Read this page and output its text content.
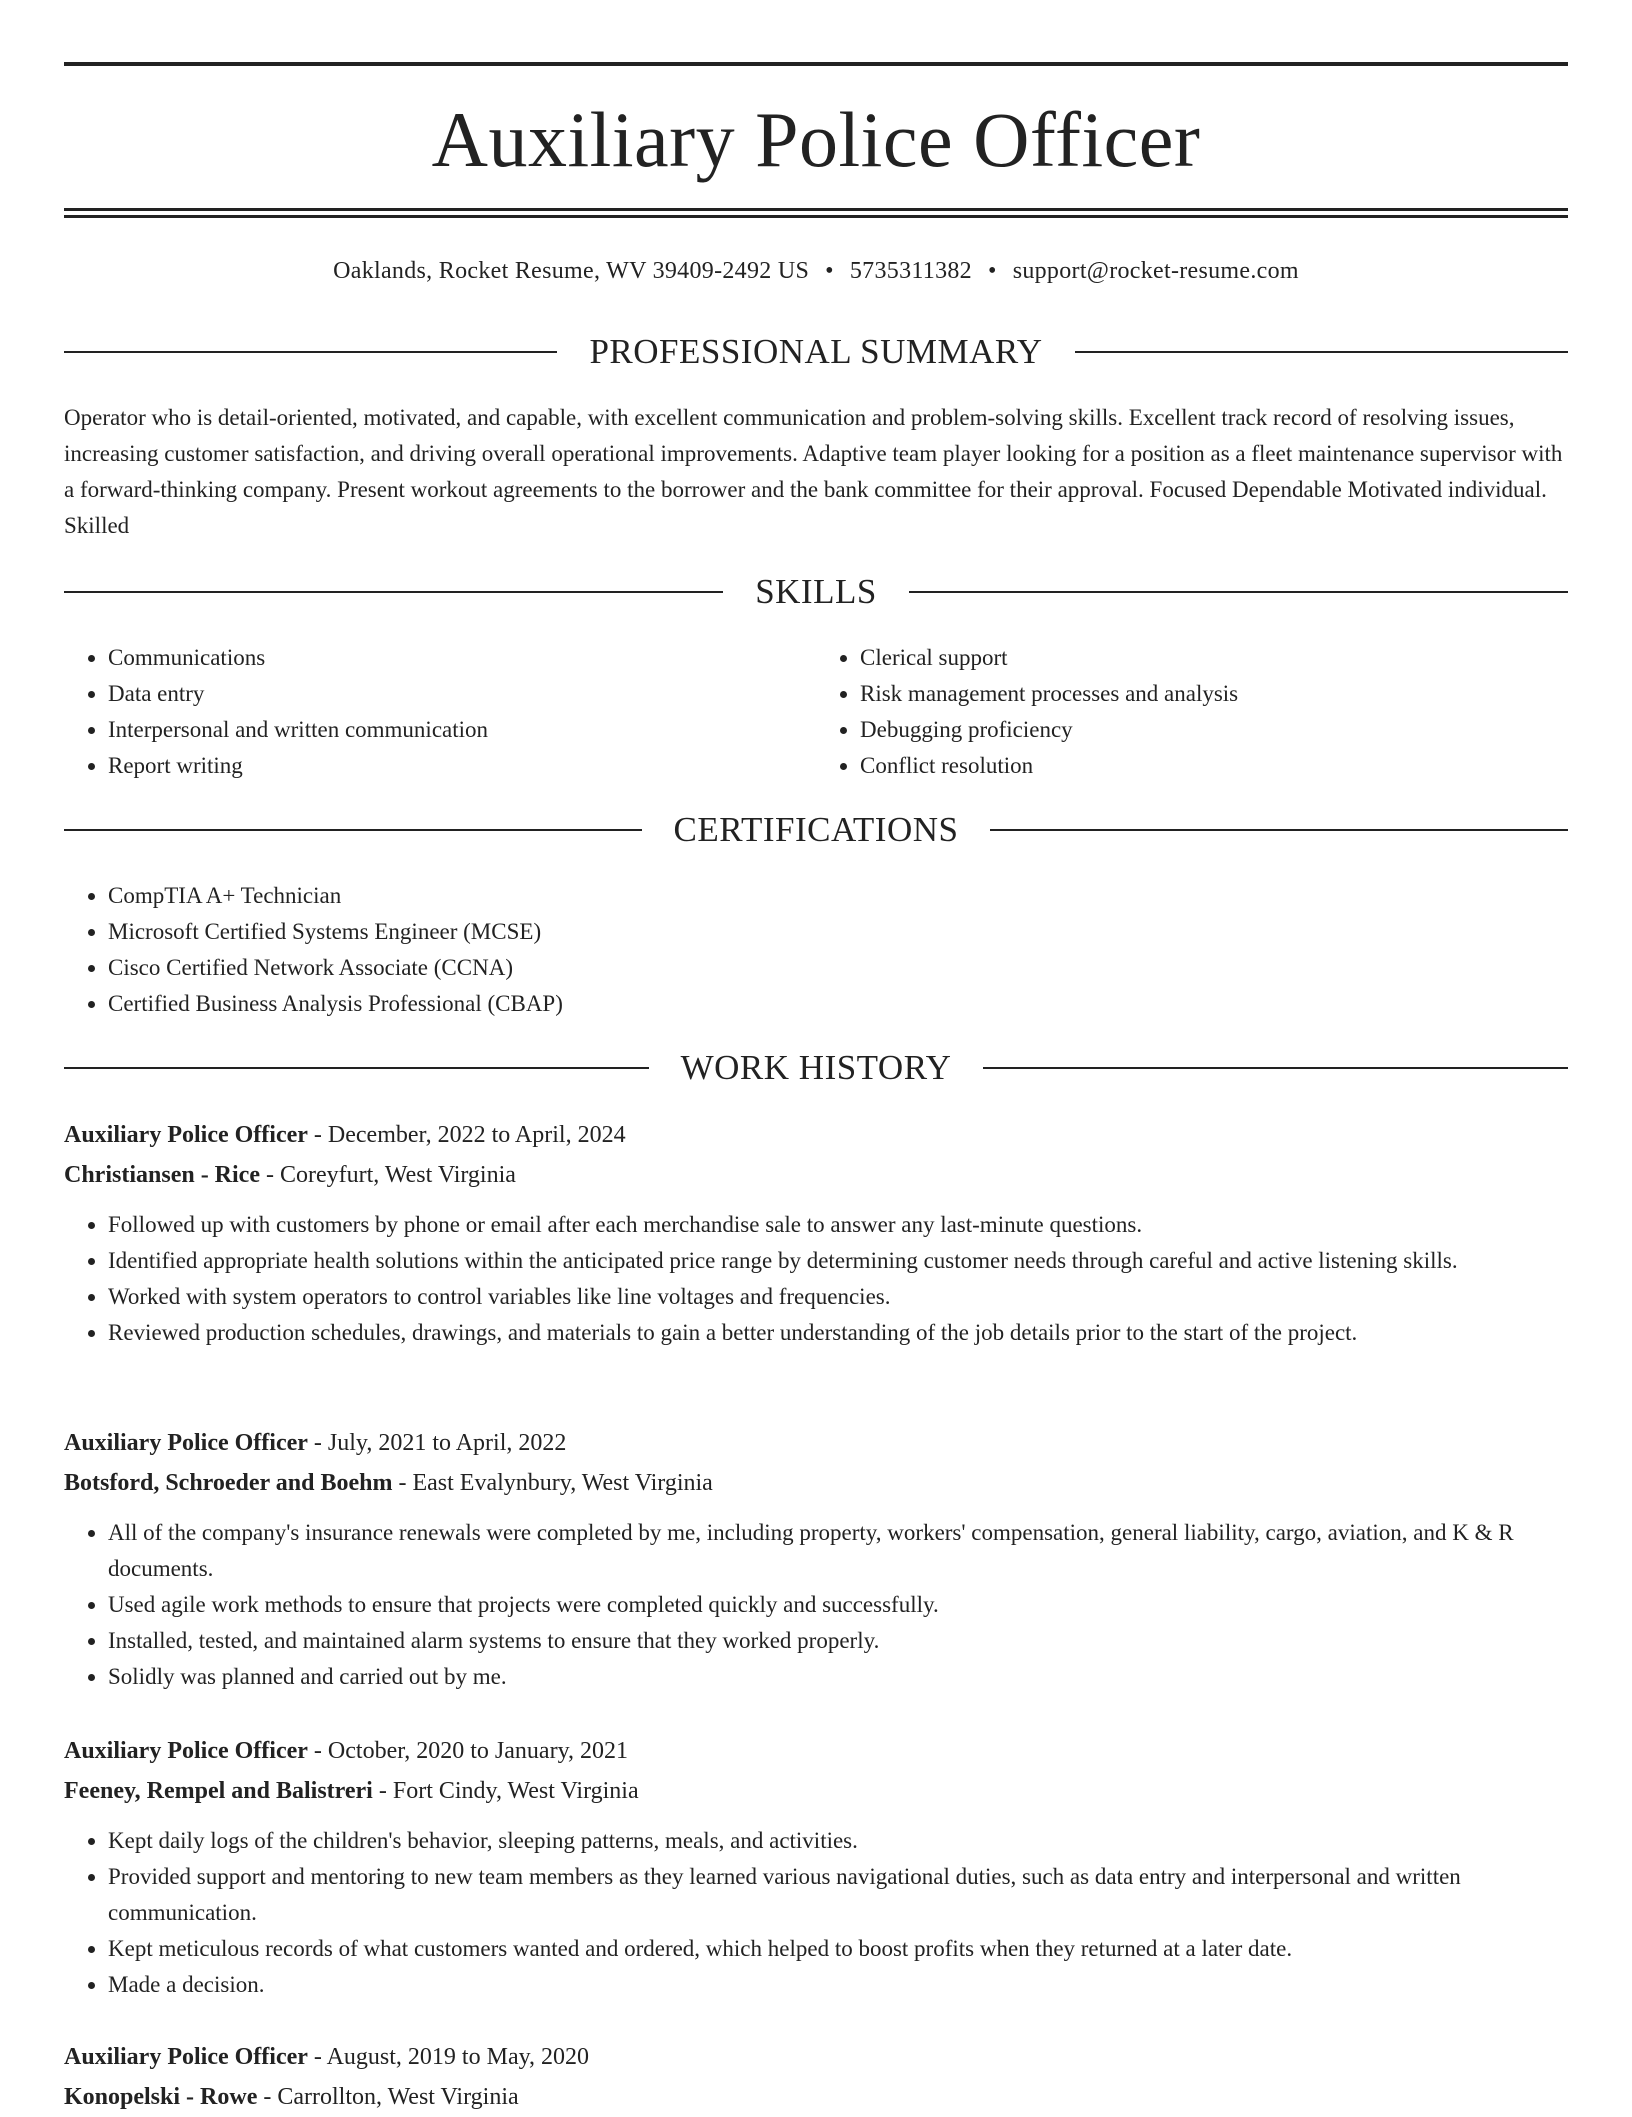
Auxiliary Police Officer
Oaklands, Rocket Resume, WV 39409-2492 US • 5735311382 • support@rocket-resume.com
PROFESSIONAL SUMMARY

Operator who is detail-oriented, motivated, and capable, with excellent communication and problem-solving skills. Excellent track record of resolving issues, increasing customer satisfaction, and driving overall operational improvements. Adaptive team player looking for a position as a fleet maintenance supervisor with a forward-thinking company. Present workout agreements to the borrower and the bank committee for their approval. Focused Dependable Motivated individual. Skilled

SKILLS
• Communications
• Data entry
• Interpersonal and written communication
• Report writing
• Clerical support
• Risk management processes and analysis
• Debugging proficiency
• Conflict resolution
CERTIFICATIONS
• CompTIA A+ Technician
• Microsoft Certified Systems Engineer (MCSE)
• Cisco Certified Network Associate (CCNA)
• Certified Business Analysis Professional (CBAP)
WORK HISTORY
Auxiliary Police Officer - December, 2022 to April, 2024
Christiansen - Rice - Coreyfurt, West Virginia
• Followed up with customers by phone or email after each merchandise sale to answer any last-minute questions.
• Identified appropriate health solutions within the anticipated price range by determining customer needs through careful and active listening skills.
• Worked with system operators to control variables like line voltages and frequencies.
• Reviewed production schedules, drawings, and materials to gain a better understanding of the job details prior to the start of the project.
Auxiliary Police Officer - July, 2021 to April, 2022
Botsford, Schroeder and Boehm - East Evalynbury, West Virginia
• All of the company's insurance renewals were completed by me, including property, workers' compensation, general liability, cargo, aviation, and K & R documents.
• Used agile work methods to ensure that projects were completed quickly and successfully.
• Installed, tested, and maintained alarm systems to ensure that they worked properly.
• Solidly was planned and carried out by me.
Auxiliary Police Officer - October, 2020 to January, 2021
Feeney, Rempel and Balistreri - Fort Cindy, West Virginia
• Kept daily logs of the children's behavior, sleeping patterns, meals, and activities.
• Provided support and mentoring to new team members as they learned various navigational duties, such as data entry and interpersonal and written communication.
• Kept meticulous records of what customers wanted and ordered, which helped to boost profits when they returned at a later date.
• Made a decision.
Auxiliary Police Officer - August, 2019 to May, 2020
Konopelski - Rowe - Carrollton, West Virginia
